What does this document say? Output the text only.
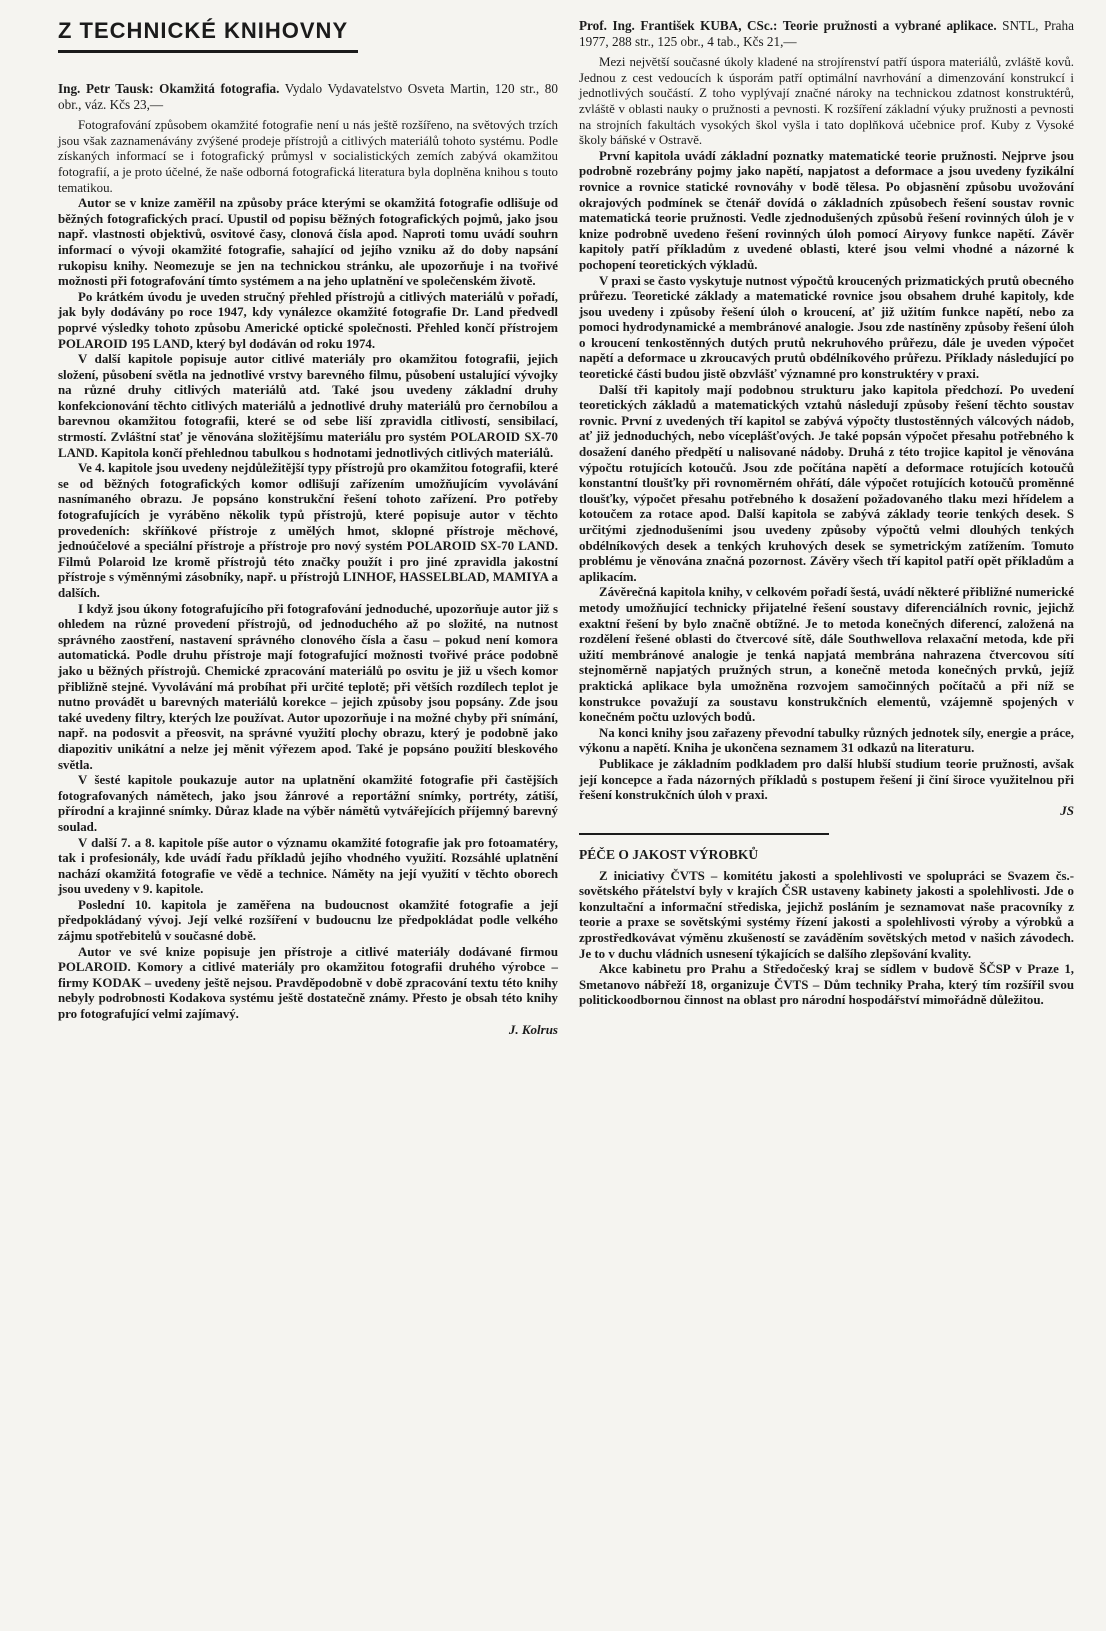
Z TECHNICKÉ KNIHOVNY
Ing. Petr Tausk: Okamžitá fotografia. Vydalo Vydavatelstvo Osveta Martin, 120 str., 80 obr., váz. Kčs 23,—

Fotografování způsobem okamžité fotografie není u nás ještě rozšířeno, na světových trzích jsou však zaznamenávány zvýšené prodeje přístrojů a citlivých materiálů tohoto systému. Podle získaných informací se i fotografický průmysl v socialistických zemích zabývá okamžitou fotografií, a je proto účelné, že naše odborná fotografická literatura byla doplněna knihou s touto tematikou.

Autor se v knize zaměřil na způsoby práce kterými se okamžitá fotografie odlišuje od běžných fotografických prací. Upustil od popisu běžných fotografických pojmů, jako jsou např. vlastnosti objektivů, osvitové časy, clonová čísla apod. Naproti tomu uvádí souhrn informací o vývoji okamžité fotografie, sahající od jejího vzniku až do doby napsání rukopisu knihy. Neomezuje se jen na technickou stránku, ale upozorňuje i na tvořivé možnosti při fotografování tímto systémem a na jeho uplatnění ve společenském životě.

Po krátkém úvodu je uveden stručný přehled přístrojů a citlivých materiálů v pořadí, jak byly dodávány po roce 1947, kdy vynálezce okamžité fotografie Dr. Land předvedl poprvé výsledky tohoto způsobu Americké optické společnosti. Přehled končí přístrojem POLAROID 195 LAND, který byl dodáván od roku 1974.

V další kapitole popisuje autor citlivé materiály pro okamžitou fotografii, jejich složení, působení světla na jednotlivé vrstvy barevného filmu, působení ustalující vývojky na různé druhy citlivých materiálů atd. Také jsou uvedeny základní druhy konfekcionování těchto citlivých materiálů a jednotlivé druhy materiálů pro černobílou a barevnou okamžitou fotografii, které se od sebe liší zpravidla citlivostí, sensibilací, strmostí. Zvláštní stať je věnována složitějšímu materiálu pro systém POLAROID SX-70 LAND. Kapitola končí přehlednou tabulkou s hodnotami jednotlivých citlivých materiálů.

Ve 4. kapitole jsou uvedeny nejdůležitější typy přístrojů pro okamžitou fotografii, které se od běžných fotografických komor odlišují zařízením umožňujícím vyvolávání nasnímaného obrazu. Je popsáno konstrukční řešení tohoto zařízení. Pro potřeby fotografujících je vyráběno několik typů přístrojů, které popisuje autor v těchto provedeních: skříňkové přístroje z umělých hmot, sklopné přístroje měchové, jednoúčelové a speciální přístroje a přístroje pro nový systém POLAROID SX-70 LAND. Filmů Polaroid lze kromě přístrojů této značky použít i pro jiné zpravidla jakostní přístroje s výměnnými zásobníky, např. u přístrojů LINHOF, HASSELBLAD, MAMIYA a dalších.

I když jsou úkony fotografujícího při fotografování jednoduché, upozorňuje autor již s ohledem na různé provedení přístrojů, od jednoduchého až po složité, na nutnost správného zaostření, nastavení správného clonového čísla a času – pokud není komora automatická. Podle druhu přístroje mají fotografující možnosti tvořivé práce podobně jako u běžných přístrojů. Chemické zpracování materiálů po osvitu je již u všech komor přibližně stejné. Vyvolávání má probíhat při určité teplotě; při větších rozdílech teplot je nutno provádět u barevných materiálů korekce – jejich způsoby jsou popsány. Zde jsou také uvedeny filtry, kterých lze používat. Autor upozorňuje i na možné chyby při snímání, např. na podosvit a přeosvit, na správné využití plochy obrazu, který je podobně jako diapozitiv unikátní a nelze jej měnit výřezem apod. Také je popsáno použití bleskového světla.

V šesté kapitole poukazuje autor na uplatnění okamžité fotografie při častějších fotografovaných námětech, jako jsou žánrové a reportážní snímky, portréty, zátiší, přírodní a krajinné snímky. Důraz klade na výběr námětů vytvářejících příjemný barevný soulad.

V další 7. a 8. kapitole píše autor o významu okamžité fotografie jak pro fotoamatéry, tak i profesionály, kde uvádí řadu příkladů jejího vhodného využití. Rozsáhlé uplatnění nachází okamžitá fotografie ve vědě a technice. Náměty na její využití v těchto oborech jsou uvedeny v 9. kapitole.

Poslední 10. kapitola je zaměřena na budoucnost okamžité fotografie a její předpokládaný vývoj. Její velké rozšíření v budoucnu lze předpokládat podle velkého zájmu spotřebitelů v současné době.

Autor ve své knize popisuje jen přístroje a citlivé materiály dodávané firmou POLAROID. Komory a citlivé materiály pro okamžitou fotografii druhého výrobce – firmy KODAK – uvedeny ještě nejsou. Pravděpodobně v době zpracování textu této knihy nebyly podrobnosti Kodakova systému ještě dostatečně známy. Přesto je obsah této knihy pro fotografující velmi zajímavý.

J. Kolrus
Prof. Ing. František KUBA, CSc.: Teorie pružnosti a vybrané aplikace. SNTL, Praha 1977, 288 str., 125 obr., 4 tab., Kčs 21,—

Mezi největší současné úkoly kladené na strojírenství patří úspora materiálů, zvláště kovů. Jednou z cest vedoucích k úsporám patří optimální navrhování a dimenzování konstrukcí i jednotlivých součástí. Z toho vyplývají značné nároky na technickou zdatnost konstruktérů, zvláště v oblasti nauky o pružnosti a pevnosti. K rozšíření základní výuky pružnosti a pevnosti na strojních fakultách vysokých škol vyšla i tato doplňková učebnice prof. Kuby z Vysoké školy báňské v Ostravě.

První kapitola uvádí základní poznatky matematické teorie pružnosti. Nejprve jsou podrobně rozebrány pojmy jako napětí, napjatost a deformace a jsou uvedeny fyzikální rovnice a rovnice statické rovnováhy v bodě tělesa. Po objasnění způsobu uvožování okrajových podmínek se čtenář dovídá o základních způsobech řešení soustav rovnic matematická teorie pružnosti. Vedle zjednodušených způsobů řešení rovinných úloh je v knize podrobně uvedeno řešení rovinných úloh pomocí Airyovy funkce napětí. Závěr kapitoly patří příkladům z uvedené oblasti, které jsou velmi vhodné a názorné k pochopení teoretických výkladů.

V praxi se často vyskytuje nutnost výpočtů kroucených prizmatických prutů obecného průřezu. Teoretické základy a matematické rovnice jsou obsahem druhé kapitoly, kde jsou uvedeny i způsoby řešení úloh o kroucení, ať již užitím funkce napětí, nebo za pomoci hydrodynamické a membránové analogie. Jsou zde nastíněny způsoby řešení úloh o kroucení tenkostěnných dutých prutů nekruhového průřezu, dále je uveden výpočet napětí a deformace u zkroucavých prutů obdélníkového průřezu. Příklady následující po teoretické části budou jistě obzvlášť významné pro konstruktéry v praxi.

Další tři kapitoly mají podobnou strukturu jako kapitola předchozí. Po uvedení teoretických základů a matematických vztahů následují způsoby řešení těchto soustav rovnic. První z uvedených tří kapitol se zabývá výpočty tlustostěnných válcových nádob, ať již jednoduchých, nebo víceplášťových. Je také popsán výpočet přesahu potřebného k dosažení daného předpětí u nalisované nádoby. Druhá z této trojice kapitol je věnována výpočtu rotujících kotoučů. Jsou zde počítána napětí a deformace rotujících kotoučů konstantní tloušťky při rovnoměrném ohřátí, dále výpočet rotujících kotoučů proměnné tloušťky, výpočet přesahu potřebného k dosažení požadovaného tlaku mezi hřídelem a kotoučem za rotace apod. Další kapitola se zabývá základy teorie tenkých desek. S určitými zjednodušeními jsou uvedeny způsoby výpočtů velmi dlouhých tenkých obdélníkových desek a tenkých kruhových desek se symetrickým zatížením. Tomuto problému je věnována značná pozornost. Závěry všech tří kapitol patří opět příkladům a aplikacím.

Závěrečná kapitola knihy, v celkovém pořadí šestá, uvádí některé přibližné numerické metody umožňující technicky přijatelné řešení soustavy diferenciálních rovnic, jejichž exaktní řešení by bylo značně obtížné. Je to metoda konečných diferencí, založená na rozdělení řešené oblasti do čtvercové sítě, dále Southwellova relaxační metoda, kde při užití membránové analogie je tenká napjatá membrána nahrazena čtvercovou sítí stejnoměrně napjatých pružných strun, a konečně metoda konečných prvků, jejíž praktická aplikace byla umožněna rozvojem samočinných počítačů a při níž se konstrukce považují za soustavu konstrukčních elementů, vzájemně spojených v konečném počtu uzlových bodů.

Na konci knihy jsou zařazeny převodní tabulky různých jednotek síly, energie a práce, výkonu a napětí. Kniha je ukončena seznamem 31 odkazů na literaturu.

Publikace je základním podkladem pro další hlubší studium teorie pružnosti, avšak její koncepce a řada názorných příkladů s postupem řešení ji činí široce využitelnou při řešení konstrukčních úloh v praxi.

JS
PÉČE O JAKOST VÝROBKŮ

Z iniciativy ČVTS – komitétu jakosti a spolehlivosti ve spolupráci se Svazem čs.-sovětského přátelství byly v krajích ČSR ustaveny kabinety jakosti a spolehlivosti. Jde o konzultační a informační střediska, jejichž posláním je seznamovat naše pracovníky z teorie a praxe se sovětskými systémy řízení jakosti a spolehlivosti výroby a výrobků a zprostředkovávat výměnu zkušeností se zaváděním sovětských metod v našich závodech. Je to v duchu vládních usnesení týkajících se dalšího zlepšování kvality.

Akce kabinetu pro Prahu a Středočeský kraj se sídlem v budově ŠČSP v Praze 1, Smetanovo nábřeží 18, organizuje ČVTS – Dům techniky Praha, který tím rozšířil svou politickoodbornou činnost na oblast pro národní hospodářství mimořádně důležitou.
